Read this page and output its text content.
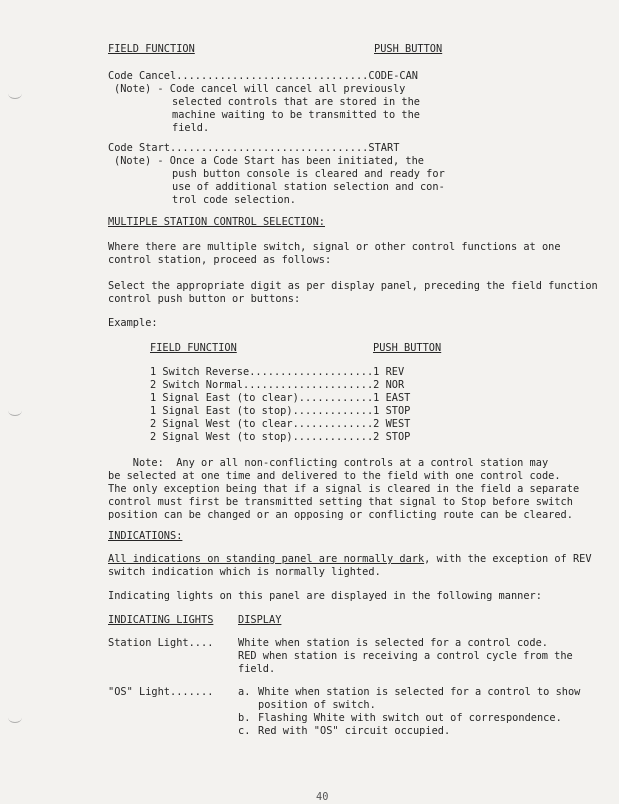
FIELD FUNCTION	PUSH BUTTON
Code Cancel...............................CODE-CAN
(Note) - Code cancel will cancel all previously
selected controls that are stored in the
machine waiting to be transmitted to the
field.
Code Start................................START
(Note) - Once a Code Start has been initiated, the
push button console is cleared and ready for
use of additional station selection and con-
trol code selection.
MULTIPLE STATION CONTROL SELECTION:
Where there are multiple switch, signal or other control functions at one
control station, proceed as follows:
Select the appropriate digit as per display panel, preceding the field function
control push button or buttons:
Example:
FIELD FUNCTION	PUSH BUTTON
1 Switch Reverse....................1 REV
2 Switch Normal.....................2 NOR
1 Signal East (to clear)............1 EAST
1 Signal East (to stop).............1 STOP
2 Signal West (to clear.............2 WEST
2 Signal West (to stop).............2 STOP
Note:  Any or all non-conflicting controls at a control station may
be selected at one time and delivered to the field with one control code.
The only exception being that if a signal is cleared in the field a separate
control must first be transmitted setting that signal to Stop before switch
position can be changed or an opposing or conflicting route can be cleared.
INDICATIONS:
All indications on standing panel are normally dark, with the exception of REV
switch indication which is normally lighted.
Indicating lights on this panel are displayed in the following manner:
INDICATING LIGHTS DISPLAY
Station Light.... White when station is selected for a control code.
RED when station is receiving a control cycle from the
field.
"OS" Light....... a. White when station is selected for a control to show
position of switch.
b. Flashing White with switch out of correspondence.
c. Red with "OS" circuit occupied.
40
